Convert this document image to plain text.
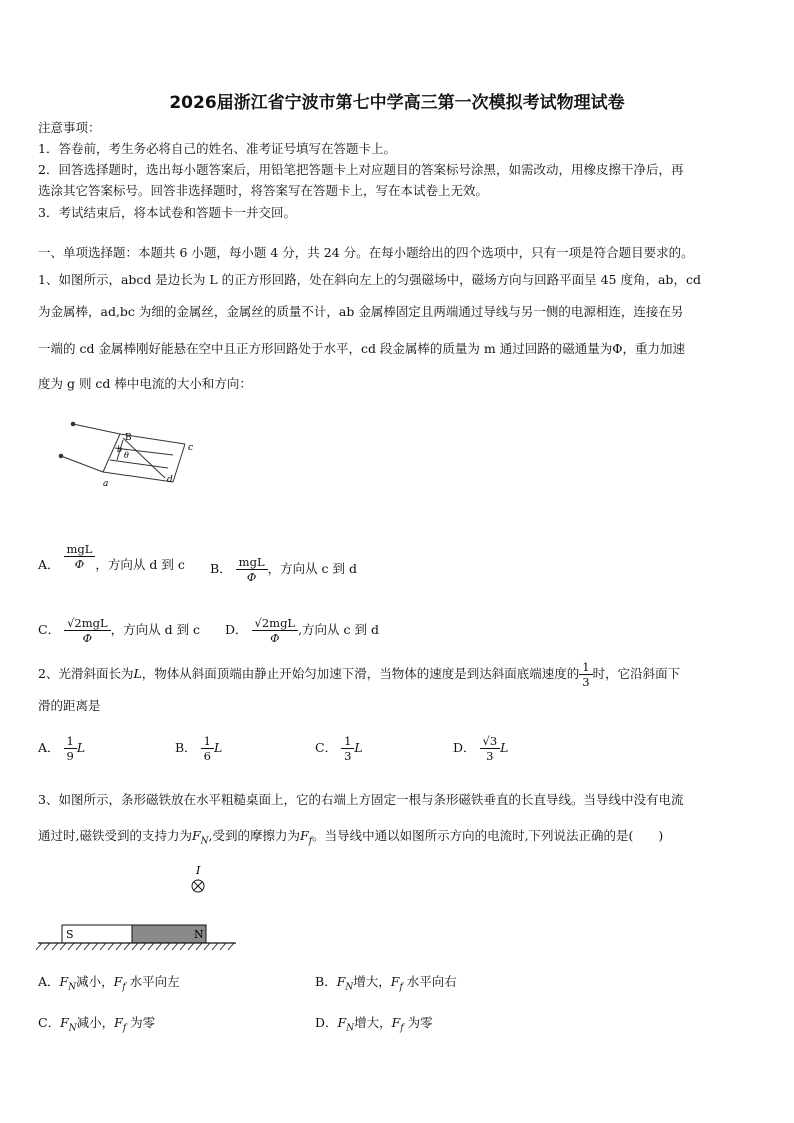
2026届浙江省宁波市第七中学高三第一次模拟考试物理试卷
注意事项：
1．答卷前，考生务必将自己的姓名、准考证号填写在答题卡上。
2．回答选择题时，选出每小题答案后，用铅笔把答题卡上对应题目的答案标号涂黑，如需改动，用橡皮擦干净后，再
选涂其它答案标号。回答非选择题时，将答案写在答题卡上，写在本试卷上无效。
3．考试结束后，将本试卷和答题卡一并交回。
一、单项选择题：本题共 6 小题，每小题 4 分，共 24 分。在每小题给出的四个选项中，只有一项是符合题目要求的。
1、如图所示，abcd 是边长为 L 的正方形回路，处在斜向左上的匀强磁场中，磁场方向与回路平面呈 45 度角，ab，cd
为金属棒，ad,bc 为细的金属丝，金属丝的质量不计，ab 金属棒固定且两端通过导线与另一侧的电源相连，连接在另
一端的 cd 金属棒刚好能悬在空中且正方形回路处于水平，cd 段金属棒的质量为 m 通过回路的磁通量为Φ，重力加速
度为 g 则 cd 棒中电流的大小和方向：
B
c
d
a
b
θ
A． $\frac{\text{mgL}}{\Phi}$ ，方向从 d 到 c B． $\frac{\text{mgL}}{\Phi}$ ，方向从 c 到 d
C． $\frac{\text{√2mgL}}{\Phi}$ ，方向从 d 到 c D． $\frac{\text{√2mgL}}{\Phi}$ ,方向从 c 到 d
2、光滑斜面长为L，物体从斜面顶端由静止开始匀加速下滑，当物体的速度是到达斜面底端速度的 $\frac{1}{3}$ 时，它沿斜面下
滑的距离是
A． $\frac{1}{9}$ L	B． $\frac{1}{6}$ L	C． $\frac{1}{3}$ L	D． $\frac{√3}{3}$ L
3、如图所示，条形磁铁放在水平粗糙桌面上，它的右端上方固定一根与条形磁铁垂直的长直导线。当导线中没有电流
通过时,磁铁受到的支持力为$F_N$,受到的摩擦力为$F_f$。当导线中通以如图所示方向的电流时,下列说法正确的是(　　)
I
S	N
A．$F_N$减小，$F_f$ 水平向左	B．$F_N$增大，$F_f$ 水平向右
C．$F_N$减小，$F_f$ 为零	D．$F_N$增大，$F_f$ 为零
